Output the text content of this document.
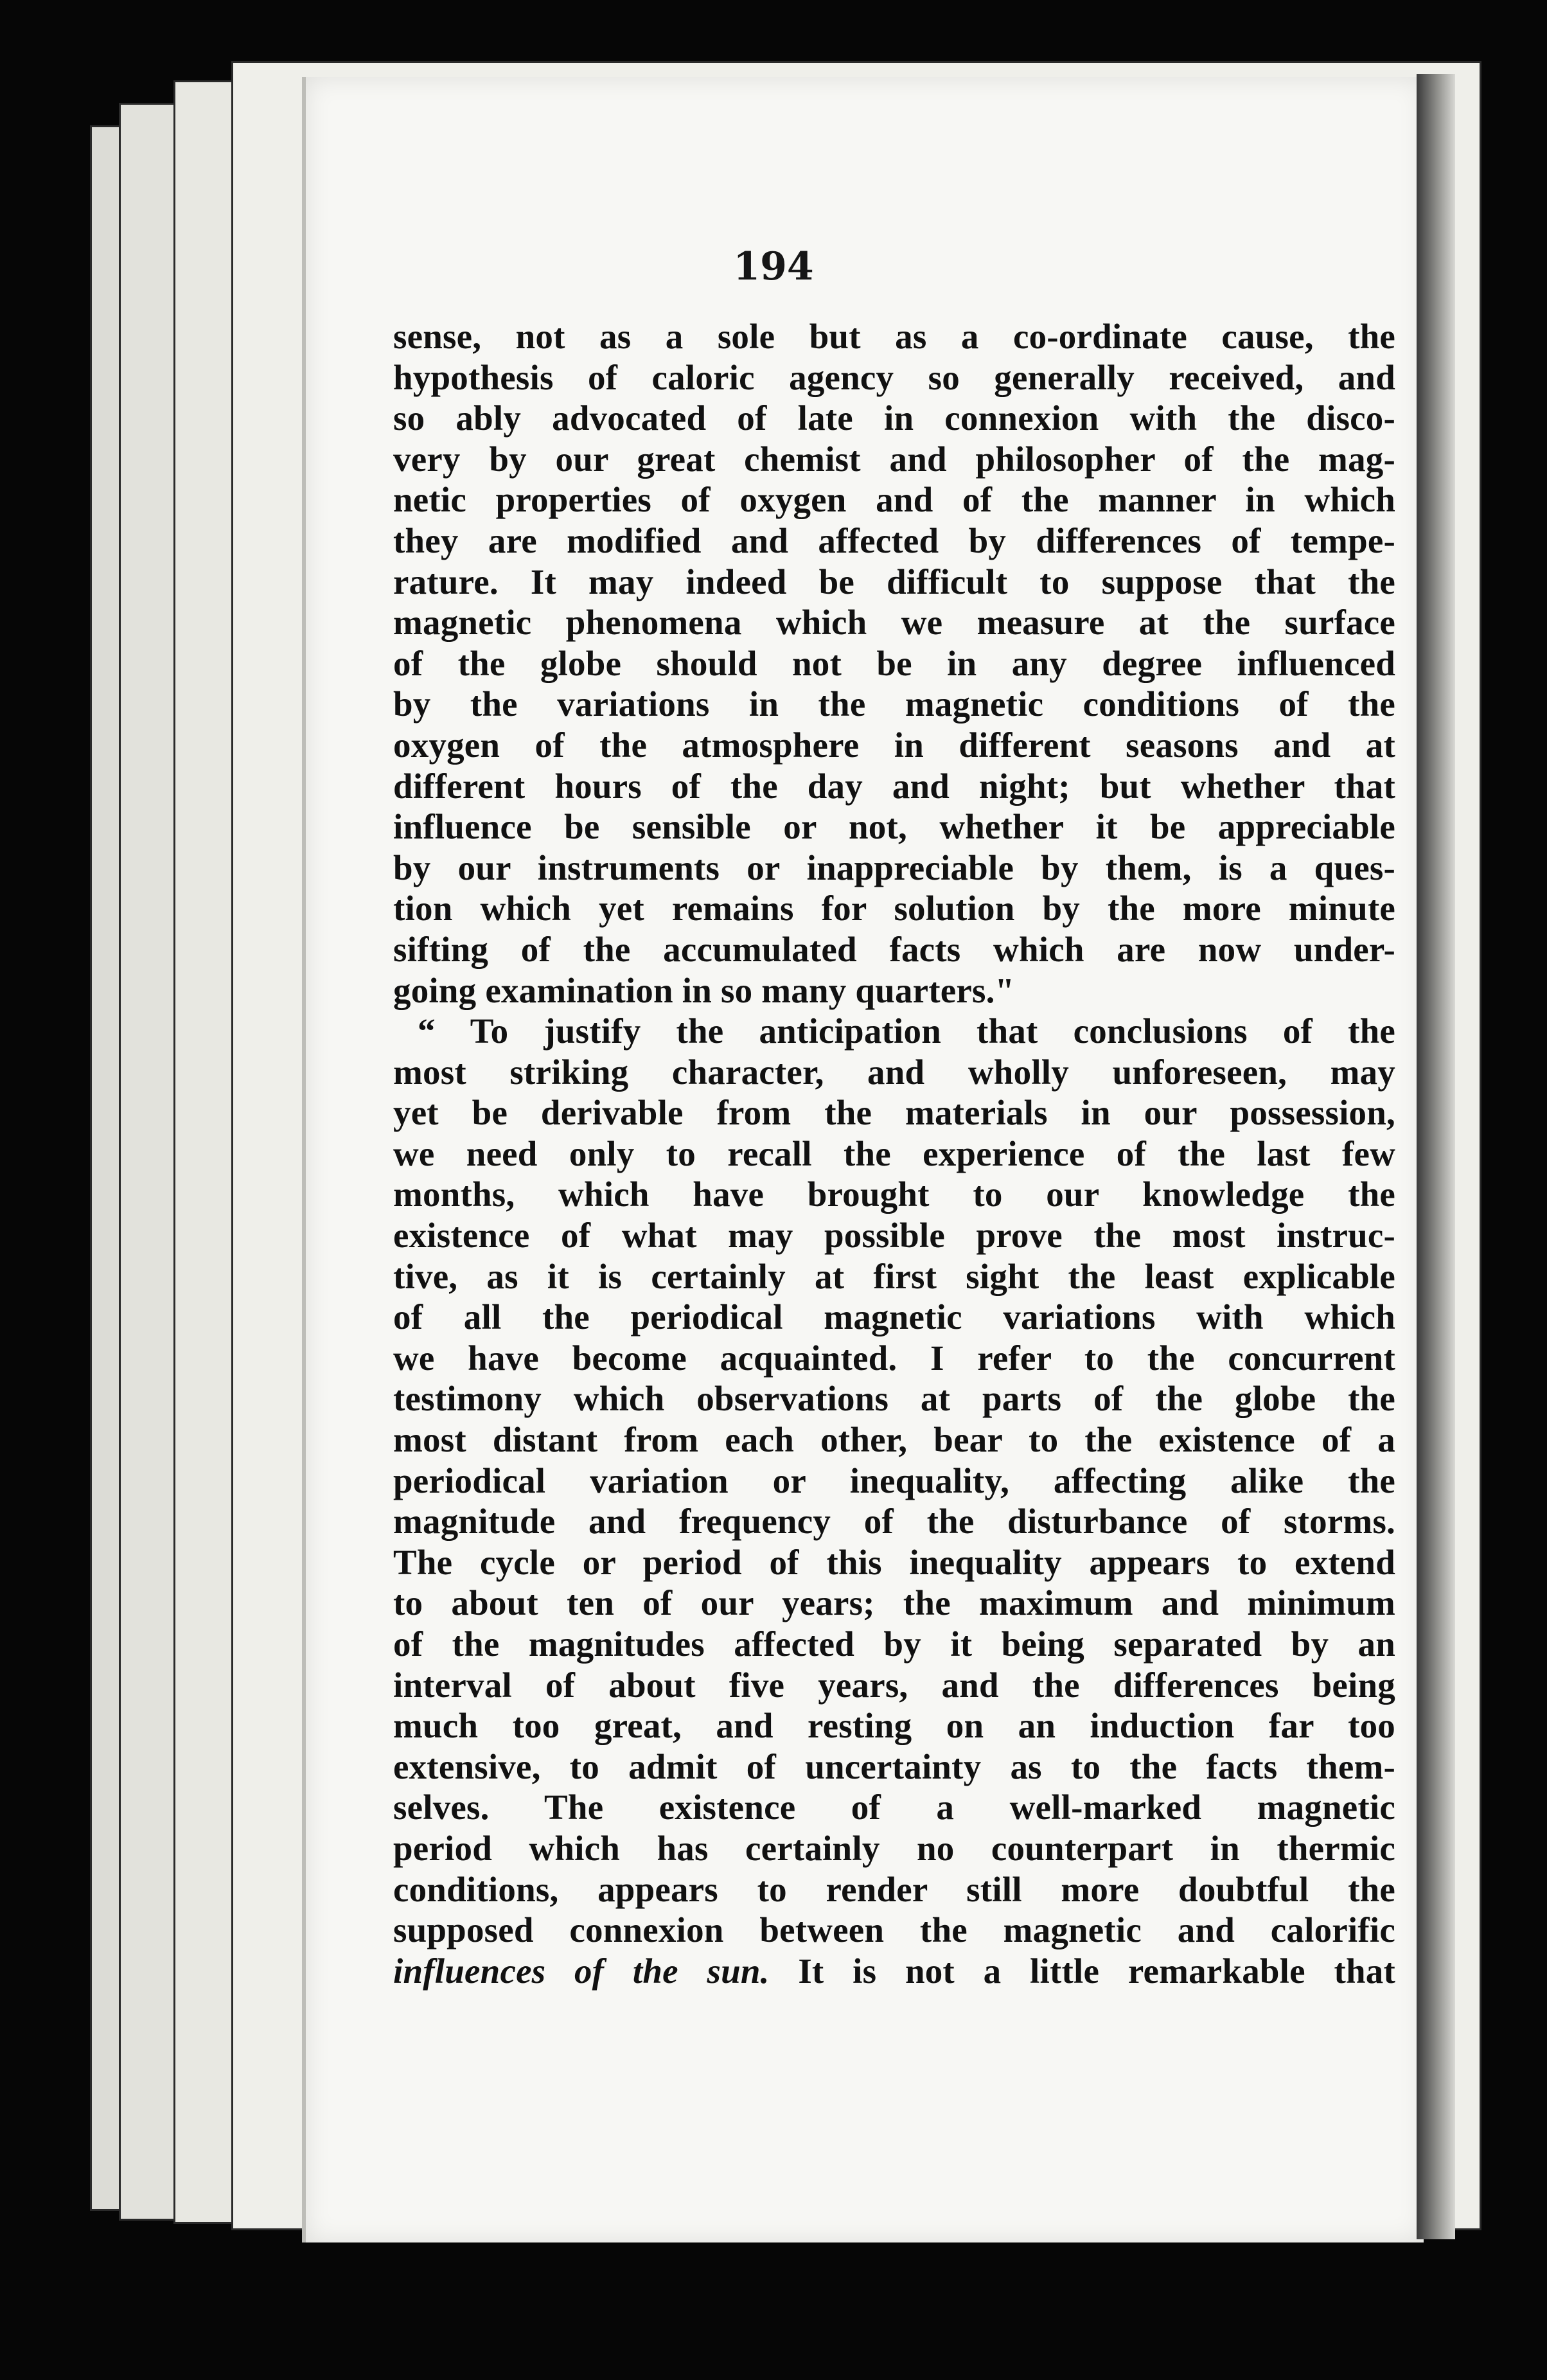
194
sense, not as a sole but as a co-ordinate cause, the
hypothesis of caloric agency so generally received, and
so ably advocated of late in connexion with the disco-
very by our great chemist and philosopher of the mag-
netic properties of oxygen and of the manner in which
they are modified and affected by differences of tempe-
rature. It may indeed be difficult to suppose that the
magnetic phenomena which we measure at the surface
of the globe should not be in any degree influenced
by the variations in the magnetic conditions of the
oxygen of the atmosphere in different seasons and at
different hours of the day and night; but whether that
influence be sensible or not, whether it be appreciable
by our instruments or inappreciable by them, is a ques-
tion which yet remains for solution by the more minute
sifting of the accumulated facts which are now under-
going examination in so many quarters."
“ To justify the anticipation that conclusions of the
most striking character, and wholly unforeseen, may
yet be derivable from the materials in our possession,
we need only to recall the experience of the last few
months, which have brought to our knowledge the
existence of what may possible prove the most instruc-
tive, as it is certainly at first sight the least explicable
of all the periodical magnetic variations with which
we have become acquainted. I refer to the concurrent
testimony which observations at parts of the globe the
most distant from each other, bear to the existence of a
periodical variation or inequality, affecting alike the
magnitude and frequency of the disturbance of storms.
The cycle or period of this inequality appears to extend
to about ten of our years; the maximum and minimum
of the magnitudes affected by it being separated by an
interval of about five years, and the differences being
much too great, and resting on an induction far too
extensive, to admit of uncertainty as to the facts them-
selves. The existence of a well-marked magnetic
period which has certainly no counterpart in thermic
conditions, appears to render still more doubtful the
supposed connexion between the magnetic and calorific
influences of the sun. It is not a little remarkable that
